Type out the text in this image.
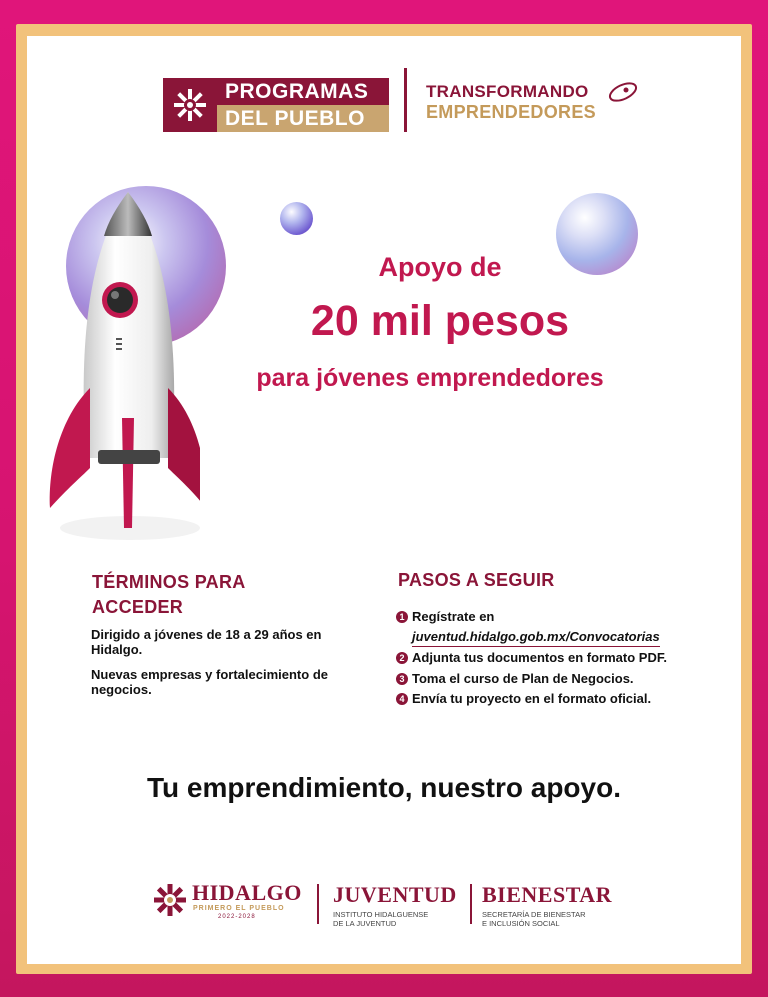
PROGRAMAS
DEL PUEBLO
TRANSFORMANDO
EMPRENDEDORES
Apoyo de
20 mil pesos
para jóvenes emprendedores
TÉRMINOS PARA ACCEDER
Dirigido a jóvenes de 18 a 29 años en Hidalgo.
Nuevas empresas y fortalecimiento de negocios.
PASOS A SEGUIR
1 Regístrate en
juventud.hidalgo.gob.mx/Convocatorias
2 Adjunta tus documentos en formato PDF.
3 Toma el curso de Plan de Negocios.
4 Envía tu proyecto en el formato oficial.
Tu emprendimiento, nuestro apoyo.
HIDALGO
PRIMERO EL PUEBLO
2022-2028
JUVENTUD
INSTITUTO HIDALGUENSE
DE LA JUVENTUD
BIENESTAR
SECRETARÍA DE BIENESTAR
E INCLUSIÓN SOCIAL
